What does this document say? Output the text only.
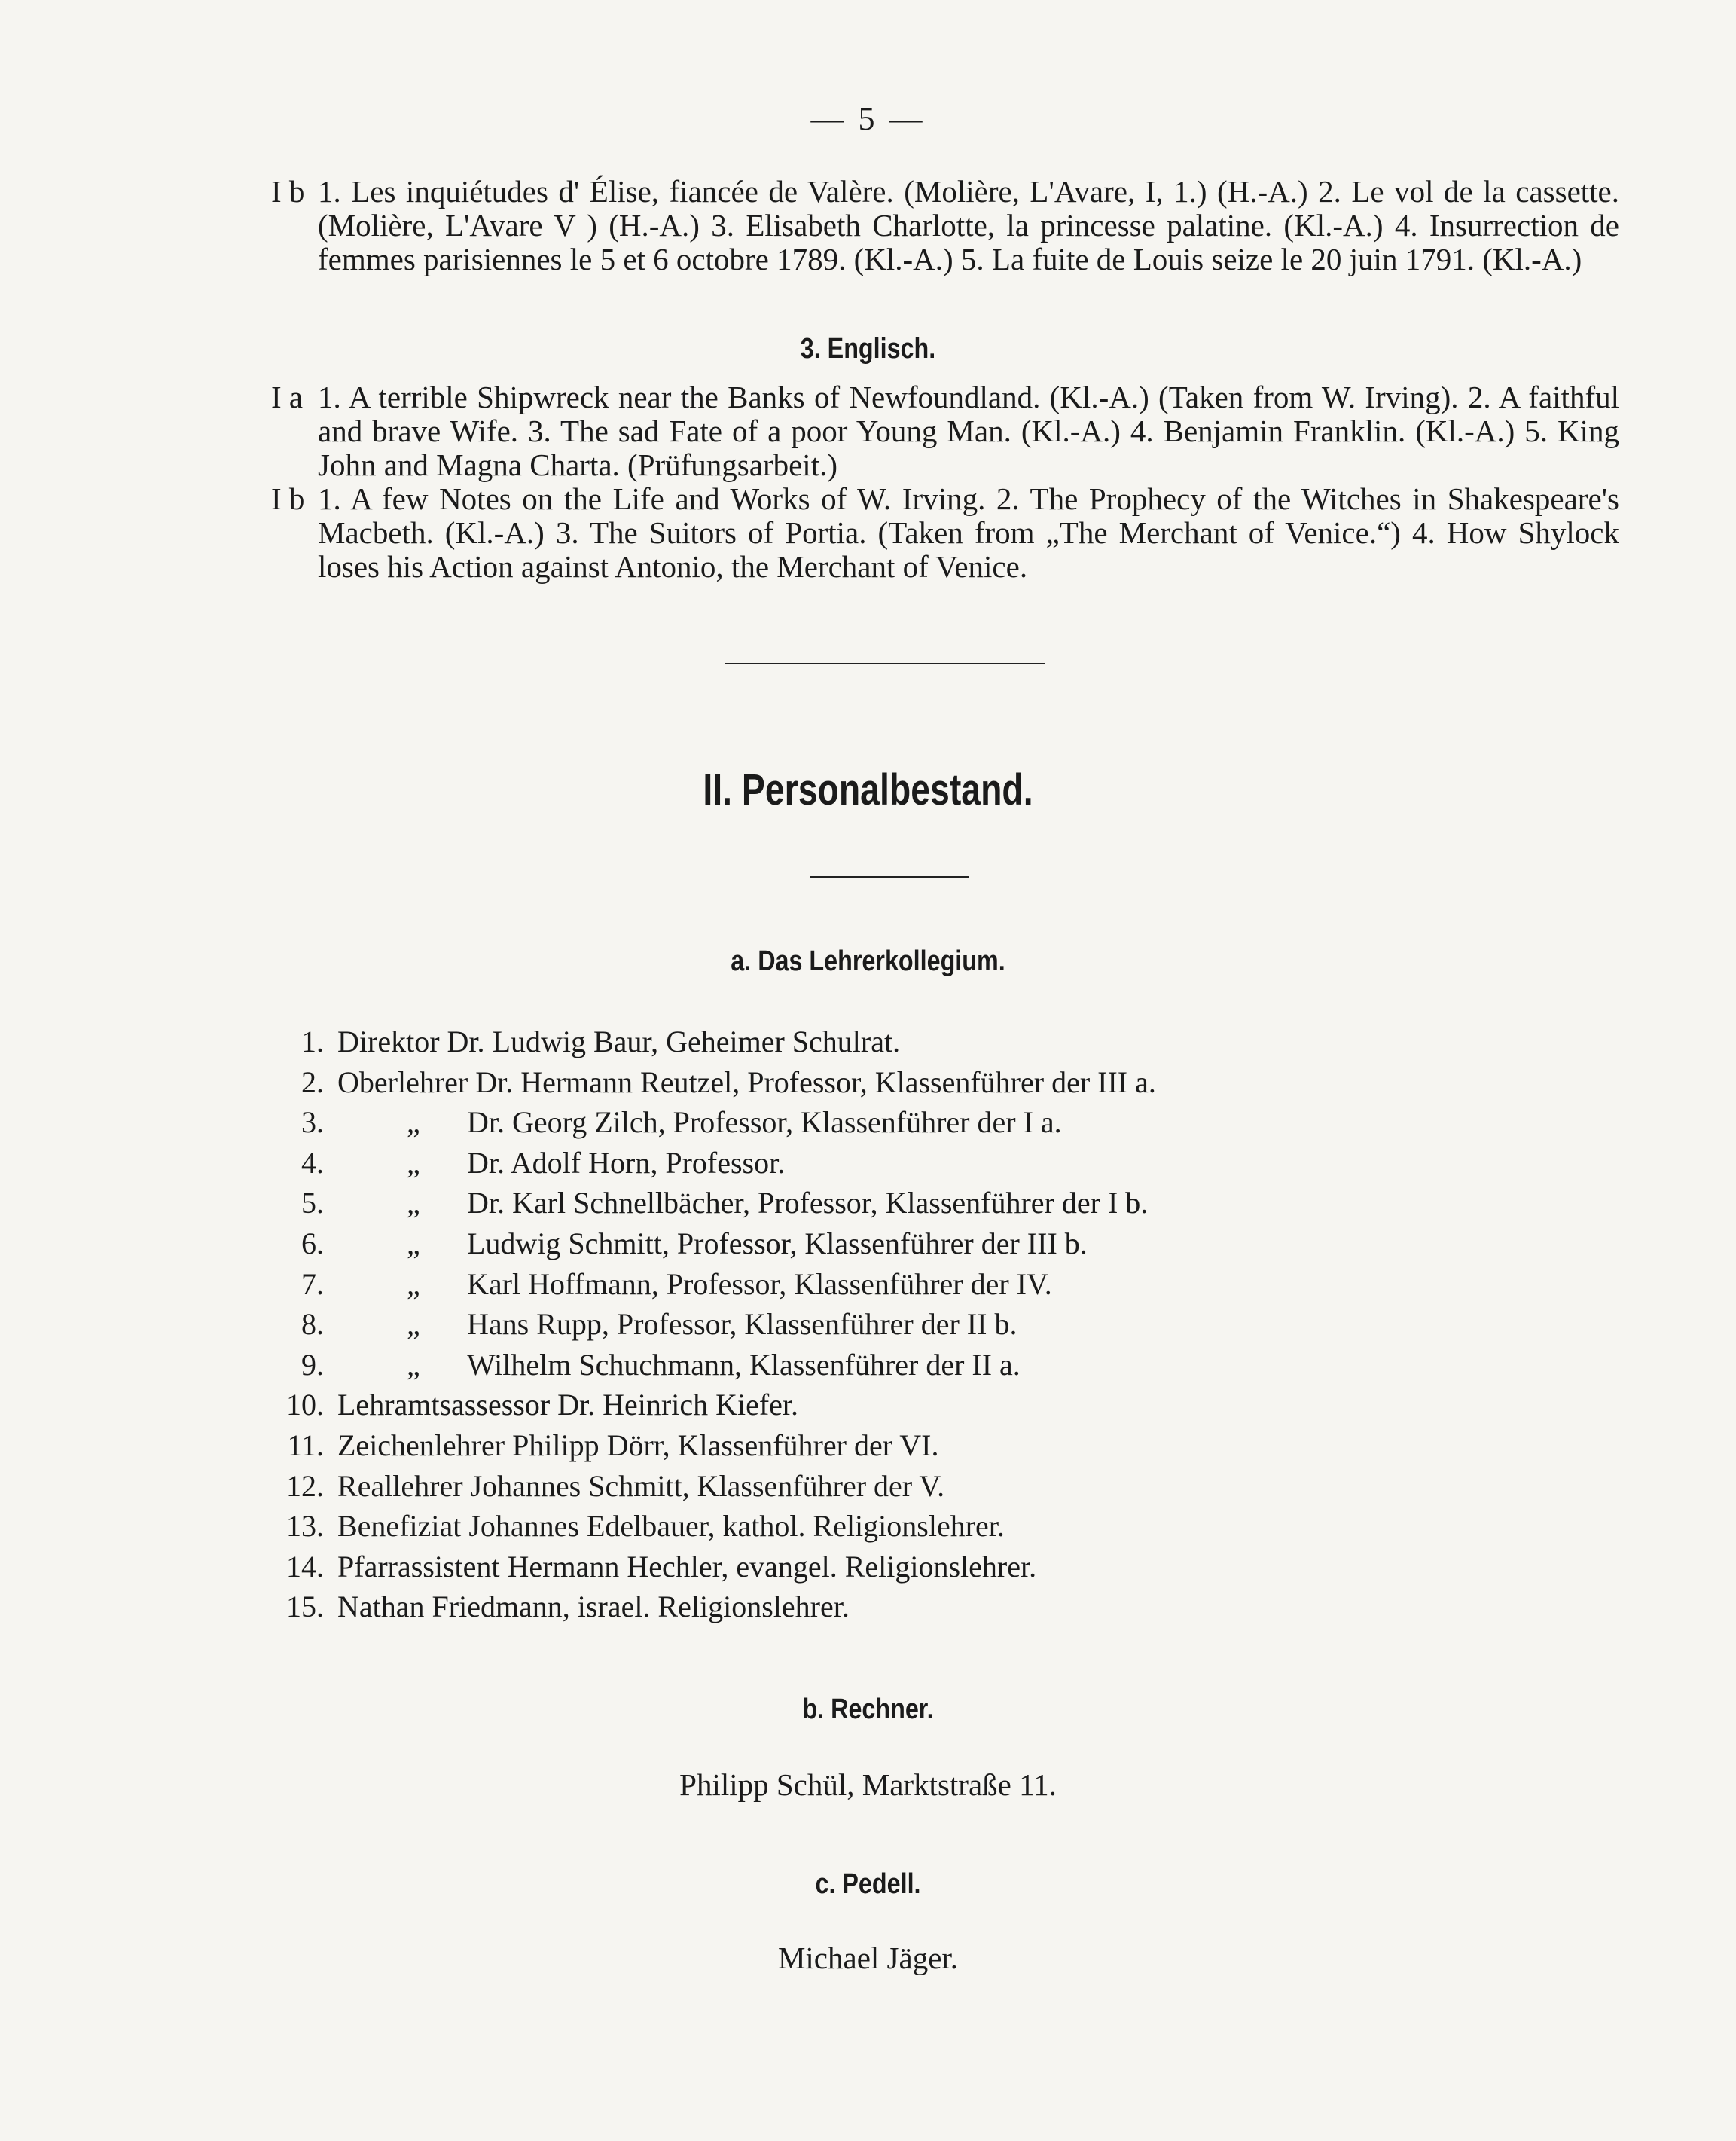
— 5 —
I b 1. Les inquiétudes d' Élise, fiancée de Valère. (Molière, L'Avare, I, 1.) (H.-A.) 2. Le vol de la cassette. (Molière, L'Avare V ) (H.-A.) 3. Elisabeth Charlotte, la princesse palatine. (Kl.-A.) 4. Insurrection de femmes parisiennes le 5 et 6 octobre 1789. (Kl.-A.) 5. La fuite de Louis seize le 20 juin 1791. (Kl.-A.)
3. Englisch.
I a 1. A terrible Shipwreck near the Banks of Newfoundland. (Kl.-A.) (Taken from W. Irving). 2. A faithful and brave Wife. 3. The sad Fate of a poor Young Man. (Kl.-A.) 4. Benjamin Franklin. (Kl.-A.) 5. King John and Magna Charta. (Prüfungsarbeit.)
I b 1. A few Notes on the Life and Works of W. Irving. 2. The Prophecy of the Witches in Shakespeare's Macbeth. (Kl.-A.) 3. The Suitors of Portia. (Taken from „The Merchant of Venice.“) 4. How Shylock loses his Action against Antonio, the Merchant of Venice.
II. Personalbestand.
a. Das Lehrerkollegium.
1. Direktor Dr. Ludwig Baur, Geheimer Schulrat.
2. Oberlehrer Dr. Hermann Reutzel, Professor, Klassenführer der III a.
3.	„	Dr. Georg Zilch, Professor, Klassenführer der I a.
4.	„	Dr. Adolf Horn, Professor.
5.	„	Dr. Karl Schnellbächer, Professor, Klassenführer der I b.
6.	„	Ludwig Schmitt, Professor, Klassenführer der III b.
7.	„	Karl Hoffmann, Professor, Klassenführer der IV.
8.	„	Hans Rupp, Professor, Klassenführer der II b.
9.	„	Wilhelm Schuchmann, Klassenführer der II a.
10. Lehramtsassessor Dr. Heinrich Kiefer.
11. Zeichenlehrer Philipp Dörr, Klassenführer der VI.
12. Reallehrer Johannes Schmitt, Klassenführer der V.
13. Benefiziat Johannes Edelbauer, kathol. Religionslehrer.
14. Pfarrassistent Hermann Hechler, evangel. Religionslehrer.
15. Nathan Friedmann, israel. Religionslehrer.
b. Rechner.
Philipp Schül, Marktstraße 11.
c. Pedell.
Michael Jäger.
